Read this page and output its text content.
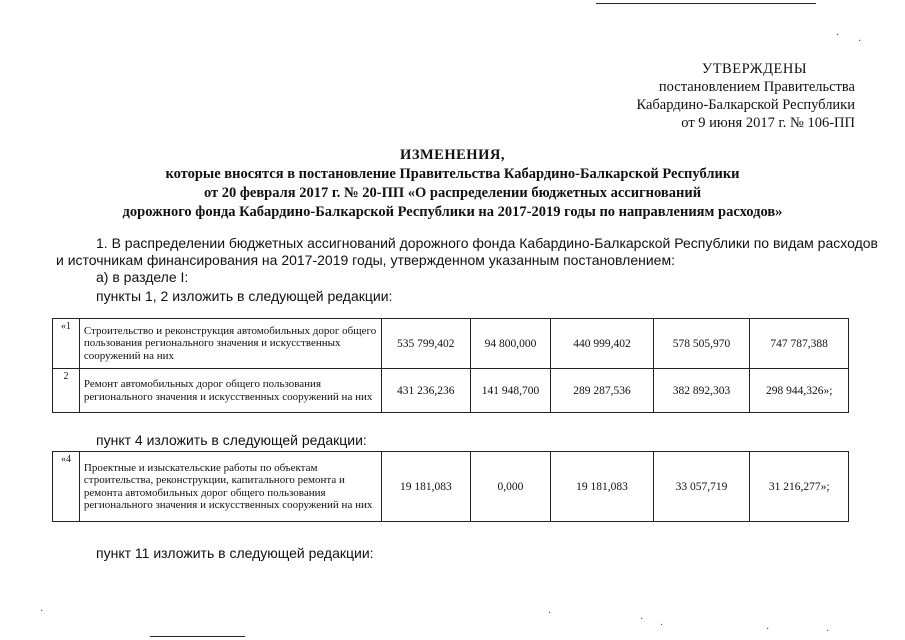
·
·
УТВЕРЖДЕНЫ
постановлением Правительства
Кабардино-Балкарской Республики
от 9 июня 2017 г. № 106-ПП
ИЗМЕНЕНИЯ,
которые вносятся в постановление Правительства Кабардино-Балкарской Республики
от 20 февраля 2017 г. № 20-ПП «О распределении бюджетных ассигнований
дорожного фонда Кабардино-Балкарской Республики на 2017-2019 годы по направлениям расходов»
1. В распределении бюджетных ассигнований дорожного фонда Кабардино-Балкарской Республики по видам расходов
и источникам финансирования на 2017-2019 годы, утвержденном указанным постановлением:
а) в разделе I:
пункты 1, 2 изложить в следующей редакции:
«1	Строительство и реконструкция автомобильных дорог общего пользования регионального значения и искусственных сооружений на них	535 799,402	94 800,000	440 999,402	578 505,970	747 787,388
2	Ремонт автомобильных дорог общего пользования регионального значения и искусственных сооружений на них	431 236,236	141 948,700	289 287,536	382 892,303	298 944,326»;
пункт 4 изложить в следующей редакции:
«4	Проектные и изыскательские работы по объектам строительства, реконструкции, капитального ремонта и ремонта автомобильных дорог общего пользования регионального значения и искусственных сооружений на них	19 181,083	0,000	19 181,083	33 057,719	31 216,277»;
пункт 11 изложить в следующей редакции:
·	·
·
·	·	·
